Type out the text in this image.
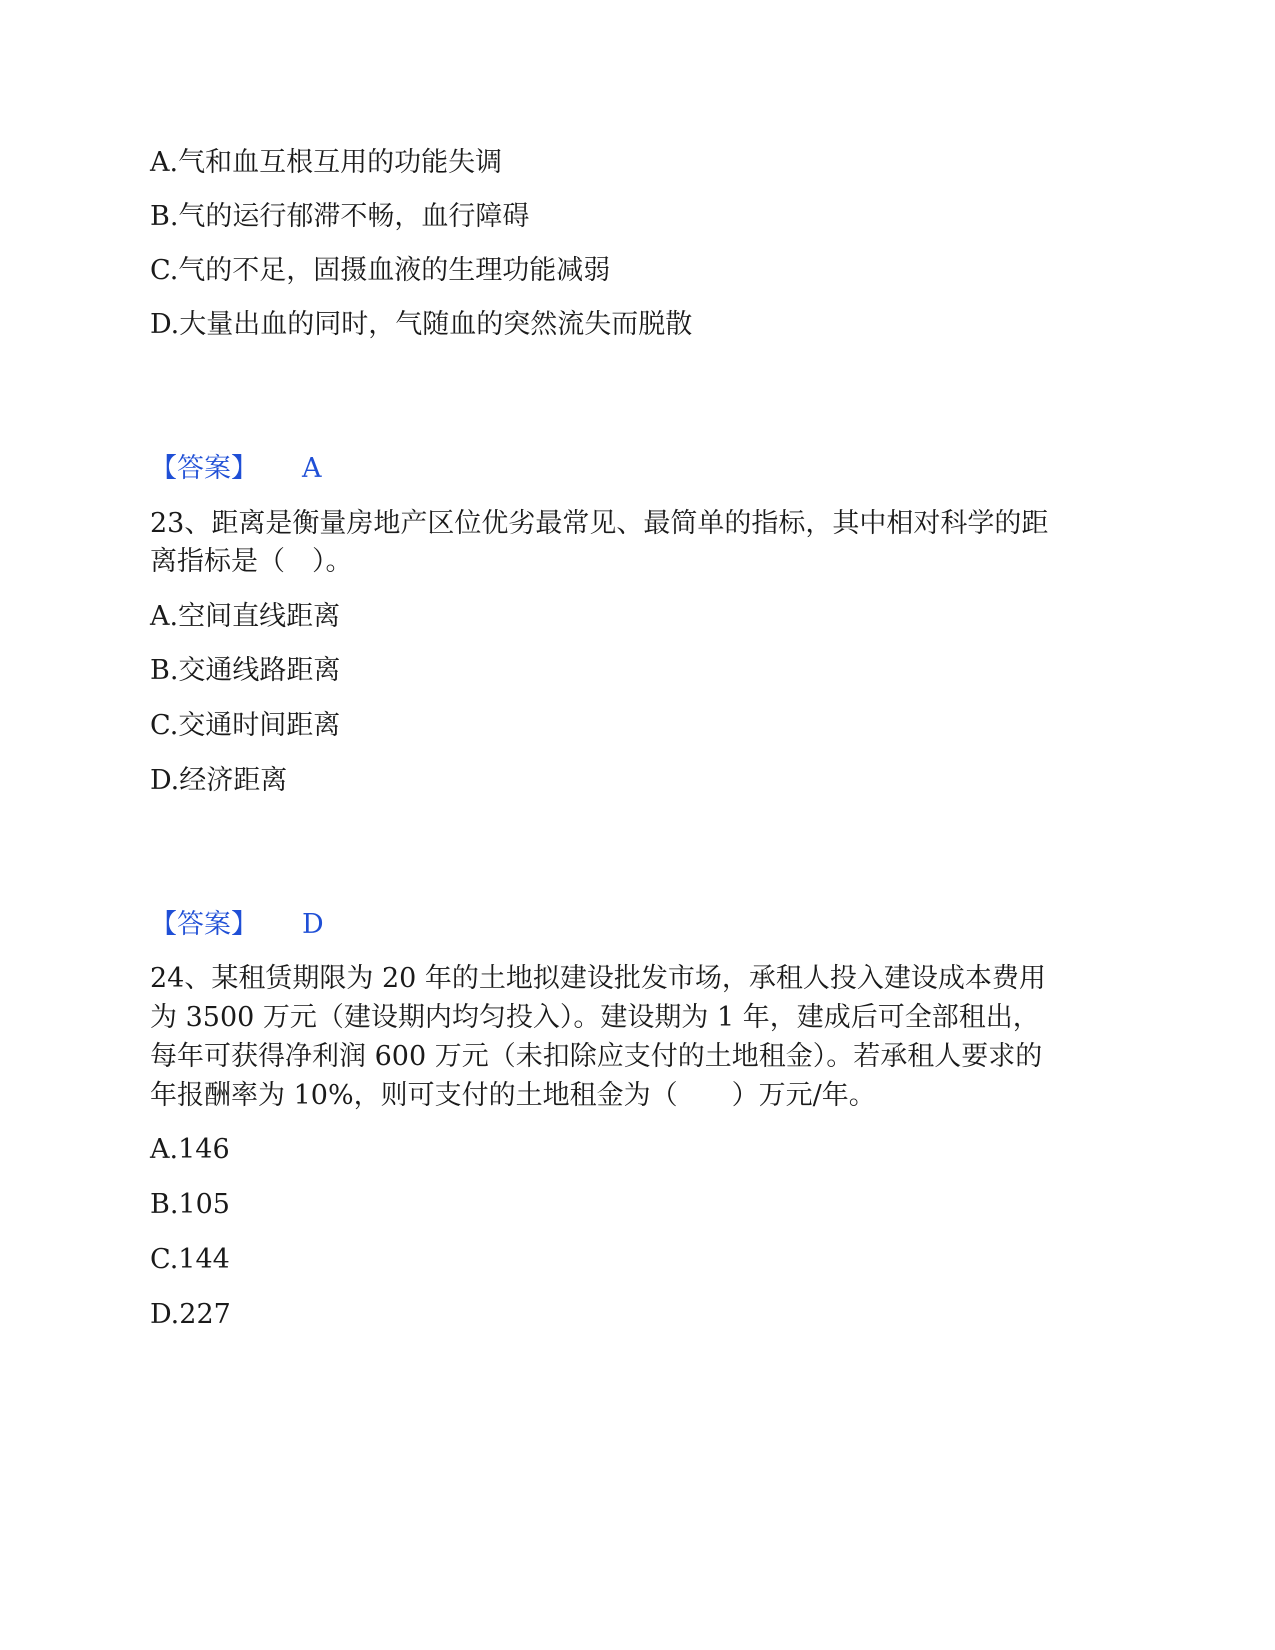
A.气和血互根互用的功能失调
B.气的运行郁滞不畅，血行障碍
C.气的不足，固摄血液的生理功能减弱
D.大量出血的同时，气随血的突然流失而脱散
【答案】 A
23、距离是衡量房地产区位优劣最常见、最简单的指标，其中相对科学的距
离指标是（　）。
A.空间直线距离
B.交通线路距离
C.交通时间距离
D.经济距离
【答案】 D
24、某租赁期限为 20 年的土地拟建设批发市场，承租人投入建设成本费用
为 3500 万元（建设期内均匀投入）。建设期为 1 年，建成后可全部租出，
每年可获得净利润 600 万元（未扣除应支付的土地租金）。若承租人要求的
年报酬率为 10%，则可支付的土地租金为（　　）万元/年。
A.146
B.105
C.144
D.227
